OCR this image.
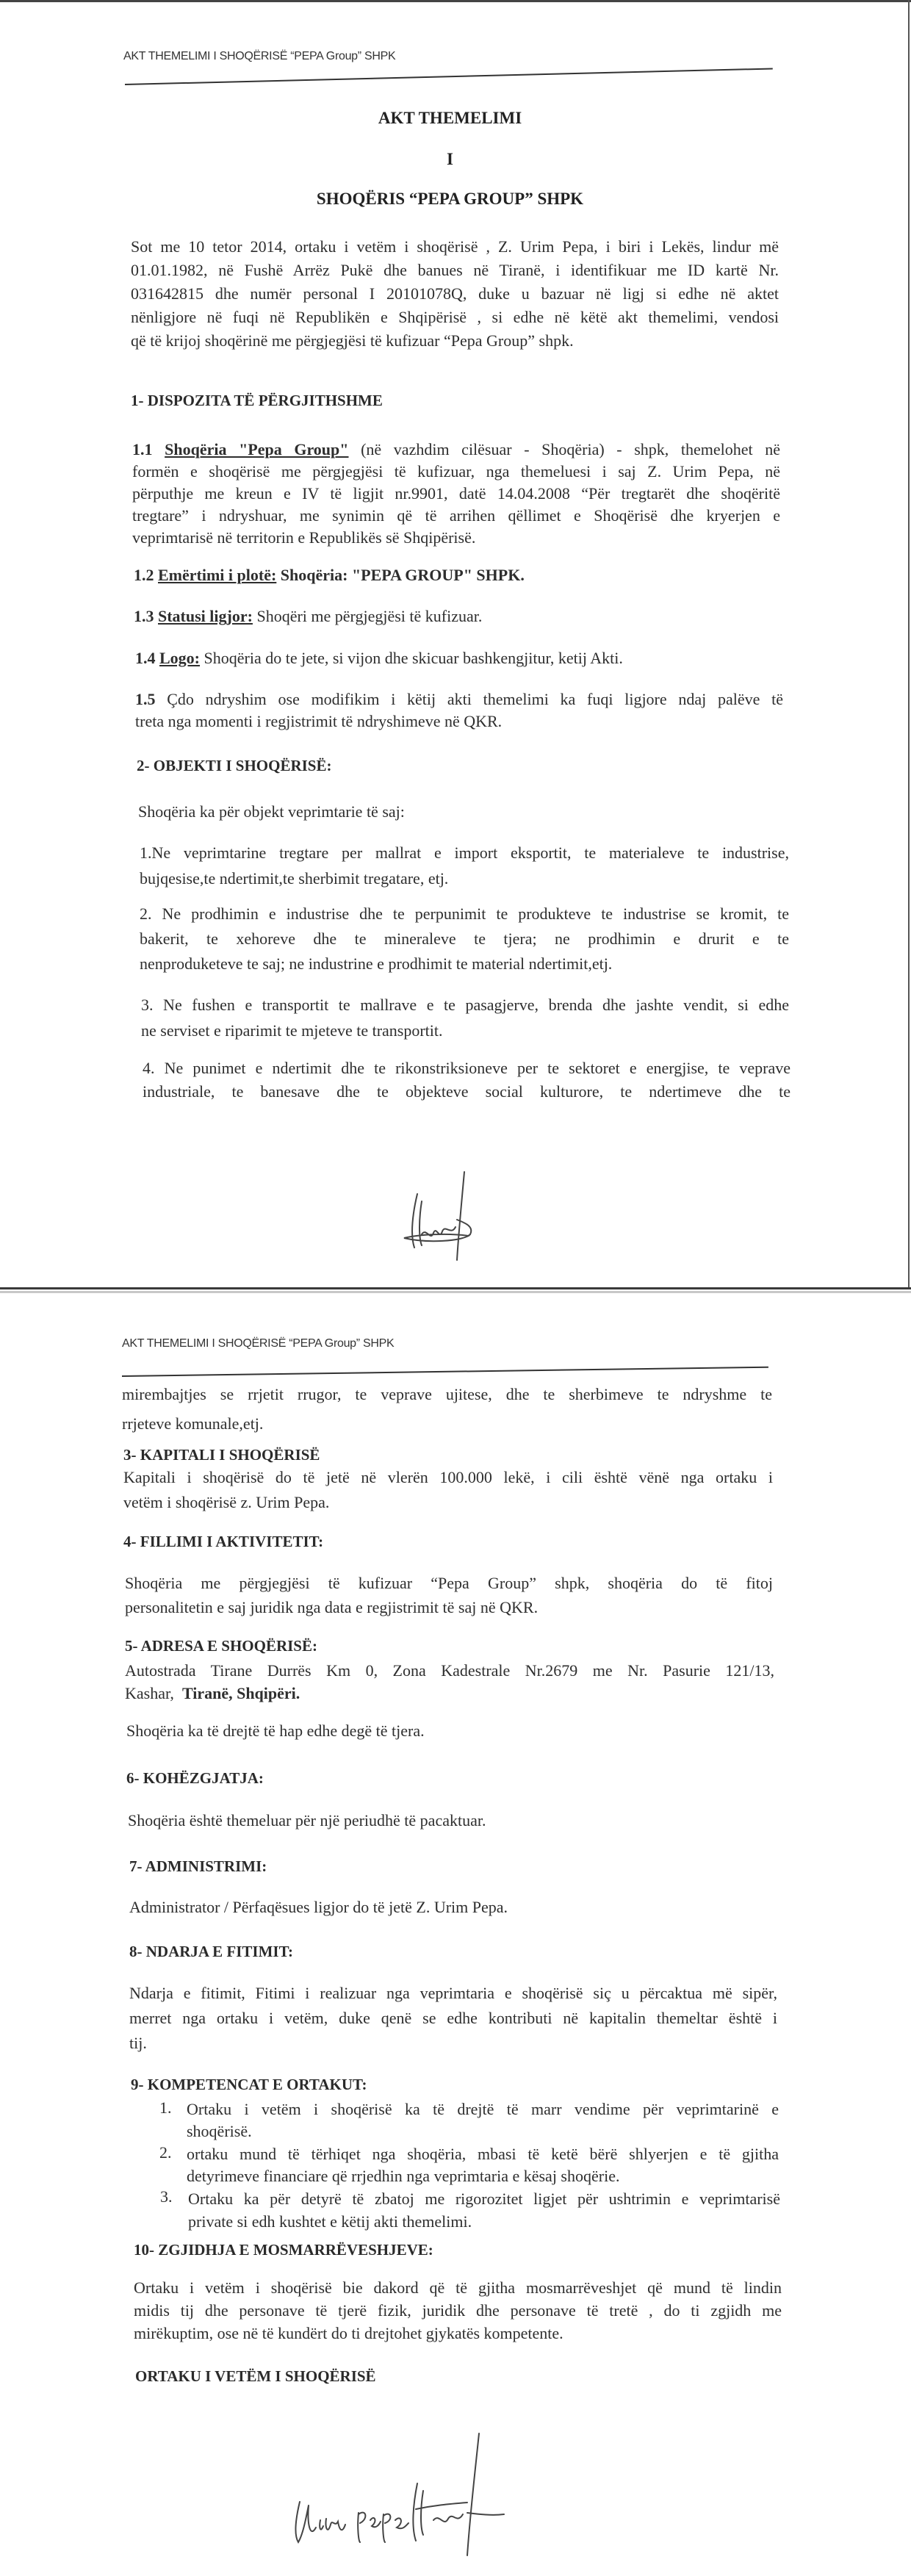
AKT THEMELIMI I SHOQËRISË “PEPA Group” SHPK
AKT THEMELIMI
I
SHOQËRIS “PEPA GROUP” SHPK
Sot me 10 tetor 2014, ortaku i vetëm i shoqërisë , Z. Urim Pepa, i biri i Lekës, lindur më
01.01.1982, në Fushë Arrëz Pukë dhe banues në Tiranë, i identifikuar me ID kartë Nr.
031642815 dhe numër personal I 20101078Q, duke u bazuar në ligj si edhe në aktet
nënligjore në fuqi në Republikën e Shqipërisë , si edhe në këtë akt themelimi, vendosi
që të krijoj shoqërinë me përgjegjësi të kufizuar “Pepa Group” shpk.
1- DISPOZITA TË PËRGJITHSHME
1.1 Shoqëria "Pepa Group" (në vazhdim cilësuar - Shoqëria) - shpk, themelohet në
formën e shoqërisë me përgjegjësi të kufizuar, nga themeluesi i saj Z. Urim Pepa, në
përputhje me kreun e IV të ligjit nr.9901, datë 14.04.2008 “Për tregtarët dhe shoqëritë
tregtare” i ndryshuar, me synimin që të arrihen qëllimet e Shoqërisë dhe kryerjen e
veprimtarisë në territorin e Republikës së Shqipërisë.
1.2 Emërtimi i plotë: Shoqëria: "PEPA GROUP" SHPK.
1.3 Statusi ligjor: Shoqëri me përgjegjësi të kufizuar.
1.4 Logo: Shoqëria do te jete, si vijon dhe skicuar bashkengjitur, ketij Akti.
1.5 Çdo ndryshim ose modifikim i këtij akti themelimi ka fuqi ligjore ndaj palëve të
treta nga momenti i regjistrimit të ndryshimeve në QKR.
2- OBJEKTI I SHOQËRISË:
Shoqëria ka për objekt veprimtarie të saj:
1.Ne veprimtarine tregtare per mallrat e import eksportit, te materialeve te industrise,
bujqesise,te ndertimit,te sherbimit tregatare, etj.
2. Ne prodhimin e industrise dhe te perpunimit te produkteve te industrise se kromit, te
bakerit, te xehoreve dhe te mineraleve te tjera; ne prodhimin e drurit e te
nenproduketeve te saj; ne industrine e prodhimit te material ndertimit,etj.
3. Ne fushen e transportit te mallrave e te pasagjerve, brenda dhe jashte vendit, si edhe
ne serviset e riparimit te mjeteve te transportit.
4. Ne punimet e ndertimit dhe te rikonstriksioneve per te sektoret e energjise, te veprave
industriale, te banesave dhe te objekteve social kulturore, te ndertimeve dhe te
AKT THEMELIMI I SHOQËRISË “PEPA Group” SHPK
mirembajtjes se rrjetit rrugor, te veprave ujitese, dhe te sherbimeve te ndryshme te
rrjeteve komunale,etj.
3- KAPITALI I SHOQËRISË
Kapitali i shoqërisë do të jetë në vlerën 100.000 lekë, i cili është vënë nga ortaku i
vetëm i shoqërisë z. Urim Pepa.
4- FILLIMI I AKTIVITETIT:
Shoqëria me përgjegjësi të kufizuar “Pepa Group” shpk, shoqëria do të fitoj
personalitetin e saj juridik nga data e regjistrimit të saj në QKR.
5- ADRESA E SHOQËRISË:
Autostrada Tirane Durrës Km 0, Zona Kadestrale Nr.2679 me Nr. Pasurie 121/13,
Kashar, Tiranë, Shqipëri.
Shoqëria ka të drejtë të hap edhe degë të tjera.
6- KOHËZGJATJA:
Shoqëria është themeluar për një periudhë të pacaktuar.
7- ADMINISTRIMI:
Administrator / Përfaqësues ligjor do të jetë Z. Urim Pepa.
8- NDARJA E FITIMIT:
Ndarja e fitimit, Fitimi i realizuar nga veprimtaria e shoqërisë siç u përcaktua më sipër,
merret nga ortaku i vetëm, duke qenë se edhe kontributi në kapitalin themeltar është i
tij.
9- KOMPETENCAT E ORTAKUT:
1. Ortaku i vetëm i shoqërisë ka të drejtë të marr vendime për veprimtarinë e
shoqërisë.
2. ortaku mund të tërhiqet nga shoqëria, mbasi të ketë bërë shlyerjen e të gjitha
detyrimeve financiare që rrjedhin nga veprimtaria e kësaj shoqërie.
3. Ortaku ka për detyrë të zbatoj me rigorozitet ligjet për ushtrimin e veprimtarisë
private si edh kushtet e këtij akti themelimi.
10- ZGJIDHJA E MOSMARRËVESHJEVE:
Ortaku i vetëm i shoqërisë bie dakord që të gjitha mosmarrëveshjet që mund të lindin
midis tij dhe personave të tjerë fizik, juridik dhe personave të tretë , do ti zgjidh me
mirëkuptim, ose në të kundërt do ti drejtohet gjykatës kompetente.
ORTAKU I VETËM I SHOQËRISË
